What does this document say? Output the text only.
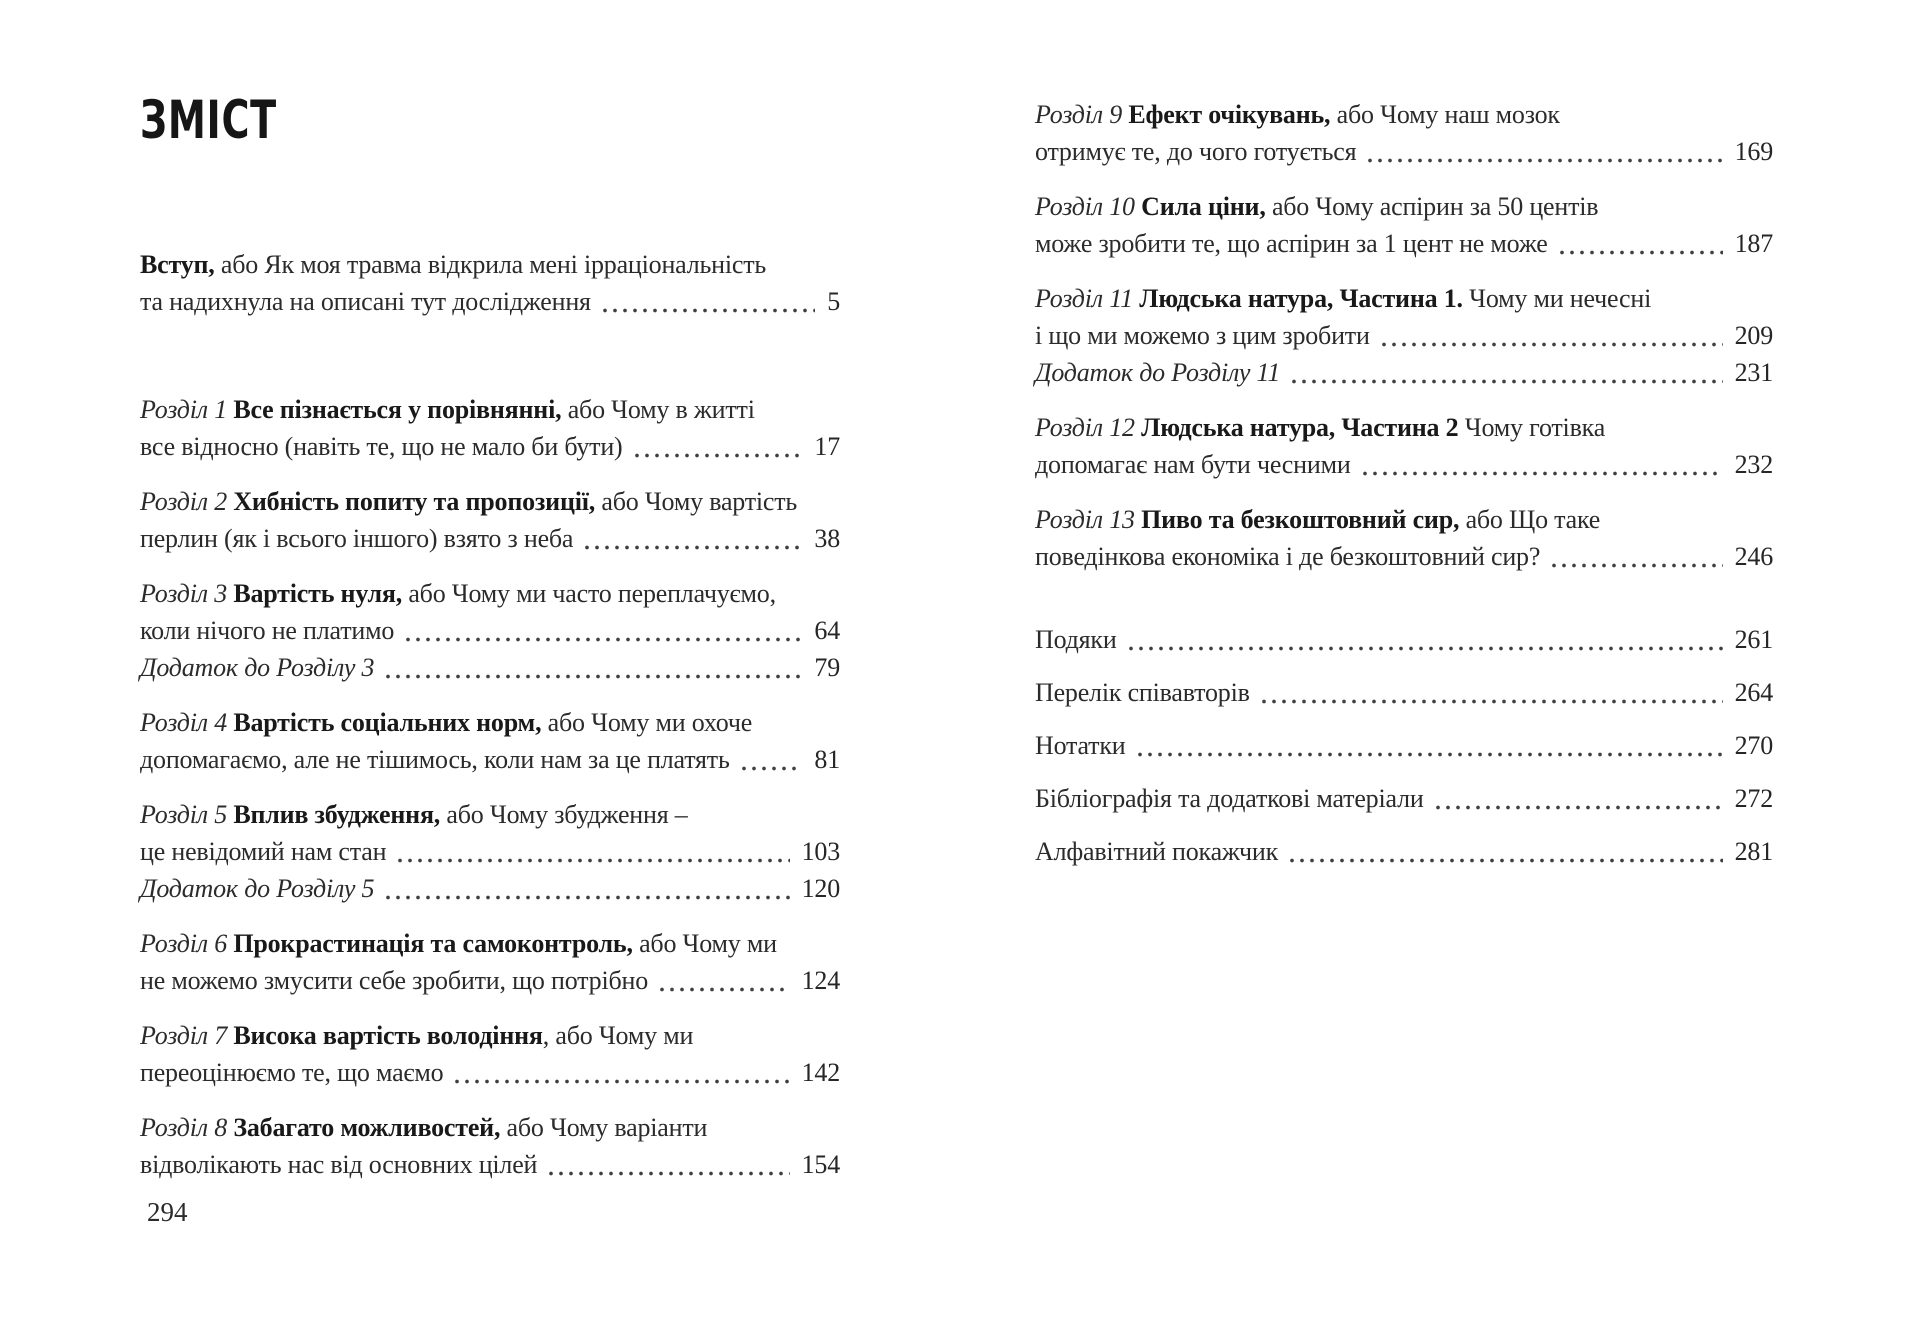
ЗМІСТ
Вступ, або Як моя травма відкрила мені ірраціональність
та надихнула на описані тут дослідження	5
Розділ 1 Все пізнається у порівнянні, або Чому в житті
все відносно (навіть те, що не мало би бути)	17
Розділ 2 Хибність попиту та пропозиції, або Чому вартість
перлин (як і всього іншого) взято з неба	38
Розділ 3 Вартість нуля, або Чому ми часто переплачуємо,
коли нічого не платимо	64
Додаток до Розділу 3	79
Розділ 4 Вартість соціальних норм, або Чому ми охоче
допомагаємо, але не тішимось, коли нам за це платять	81
Розділ 5 Вплив збудження, або Чому збудження –
це невідомий нам стан	103
Додаток до Розділу 5	120
Розділ 6 Прокрастинація та самоконтроль, або Чому ми
не можемо змусити себе зробити, що потрібно	124
Розділ 7 Висока вартість володіння, або Чому ми
переоцінюємо те, що маємо	142
Розділ 8 Забагато можливостей, або Чому варіанти
відволікають нас від основних цілей	154
Розділ 9 Ефект очікувань, або Чому наш мозок
отримує те, до чого готується	169
Розділ 10 Сила ціни, або Чому аспірин за 50 центів
може зробити те, що аспірин за 1 цент не може	187
Розділ 11 Людська натура, Частина 1. Чому ми нечесні
і що ми можемо з цим зробити	209
Додаток до Розділу 11	231
Розділ 12 Людська натура, Частина 2 Чому готівка
допомагає нам бути чесними	232
Розділ 13 Пиво та безкоштовний сир, або Що таке
поведінкова економіка і де безкоштовний сир?	246
Подяки	261
Перелік співавторів	264
Нотатки	270
Бібліографія та додаткові матеріали	272
Алфавітний покажчик	281
294
